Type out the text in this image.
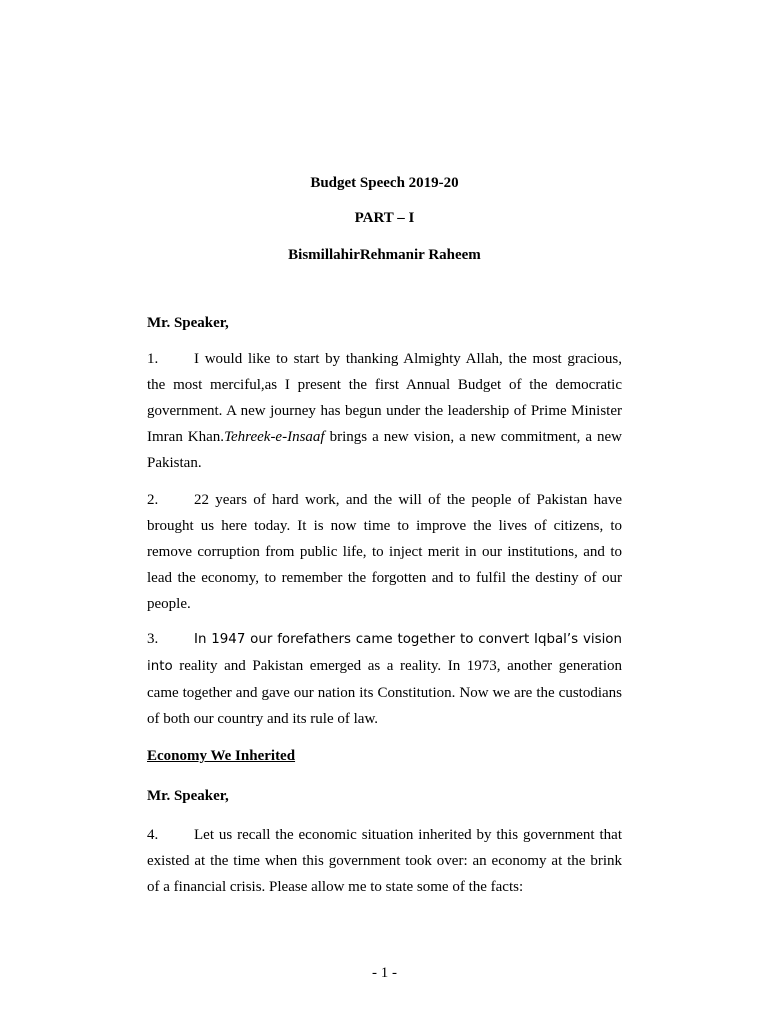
Budget Speech 2019-20
PART – I
BismillahirRehmanir Raheem
Mr. Speaker,

1. I would like to start by thanking Almighty Allah, the most gracious, the most merciful,as I present the first Annual Budget of the democratic government. A new journey has begun under the leadership of Prime Minister Imran Khan.Tehreek-e-Insaaf brings a new vision, a new commitment, a new Pakistan.

2. 22 years of hard work, and the will of the people of Pakistan have brought us here today. It is now time to improve the lives of citizens, to remove corruption from public life, to inject merit in our institutions, and to lead the economy, to remember the forgotten and to fulfil the destiny of our people.

3.	In 1947 our forefathers came together to convert Iqbal’s vision into reality and Pakistan emerged as a reality. In 1973, another generation came together and gave our nation its Constitution. Now we are the custodians of both our country and its rule of law.

Economy We Inherited
Mr. Speaker,

4. Let us recall the economic situation inherited by this government that existed at the time when this government took over: an economy at the brink of a financial crisis. Please allow me to state some of the facts:

- 1 -
